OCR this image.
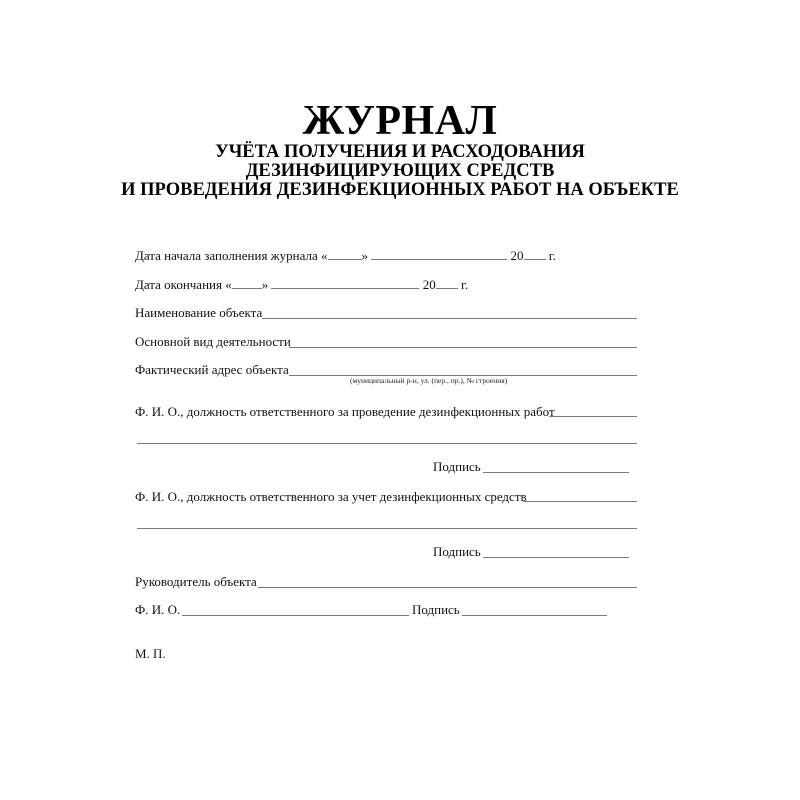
ЖУРНАЛ
УЧЁТА ПОЛУЧЕНИЯ И РАСХОДОВАНИЯ
ДЕЗИНФИЦИРУЮЩИХ СРЕДСТВ
И ПРОВЕДЕНИЯ ДЕЗИНФЕКЦИОННЫХ РАБОТ НА ОБЪЕКТЕ
Дата начала заполнения журнала «	»	20 г.
Дата окончания « »	20 г.
Наименование объекта
Основной вид деятельности
Фактический адрес объекта
(муниципальный р-н, ул. (пер., пр.), № строения)
Ф. И. О., должность ответственного за проведение дезинфекционных работ
Подпись
Ф. И. О., должность ответственного за учет дезинфекционных средств
Подпись
Руководитель объекта
Ф. И. О.	Подпись
М. П.
